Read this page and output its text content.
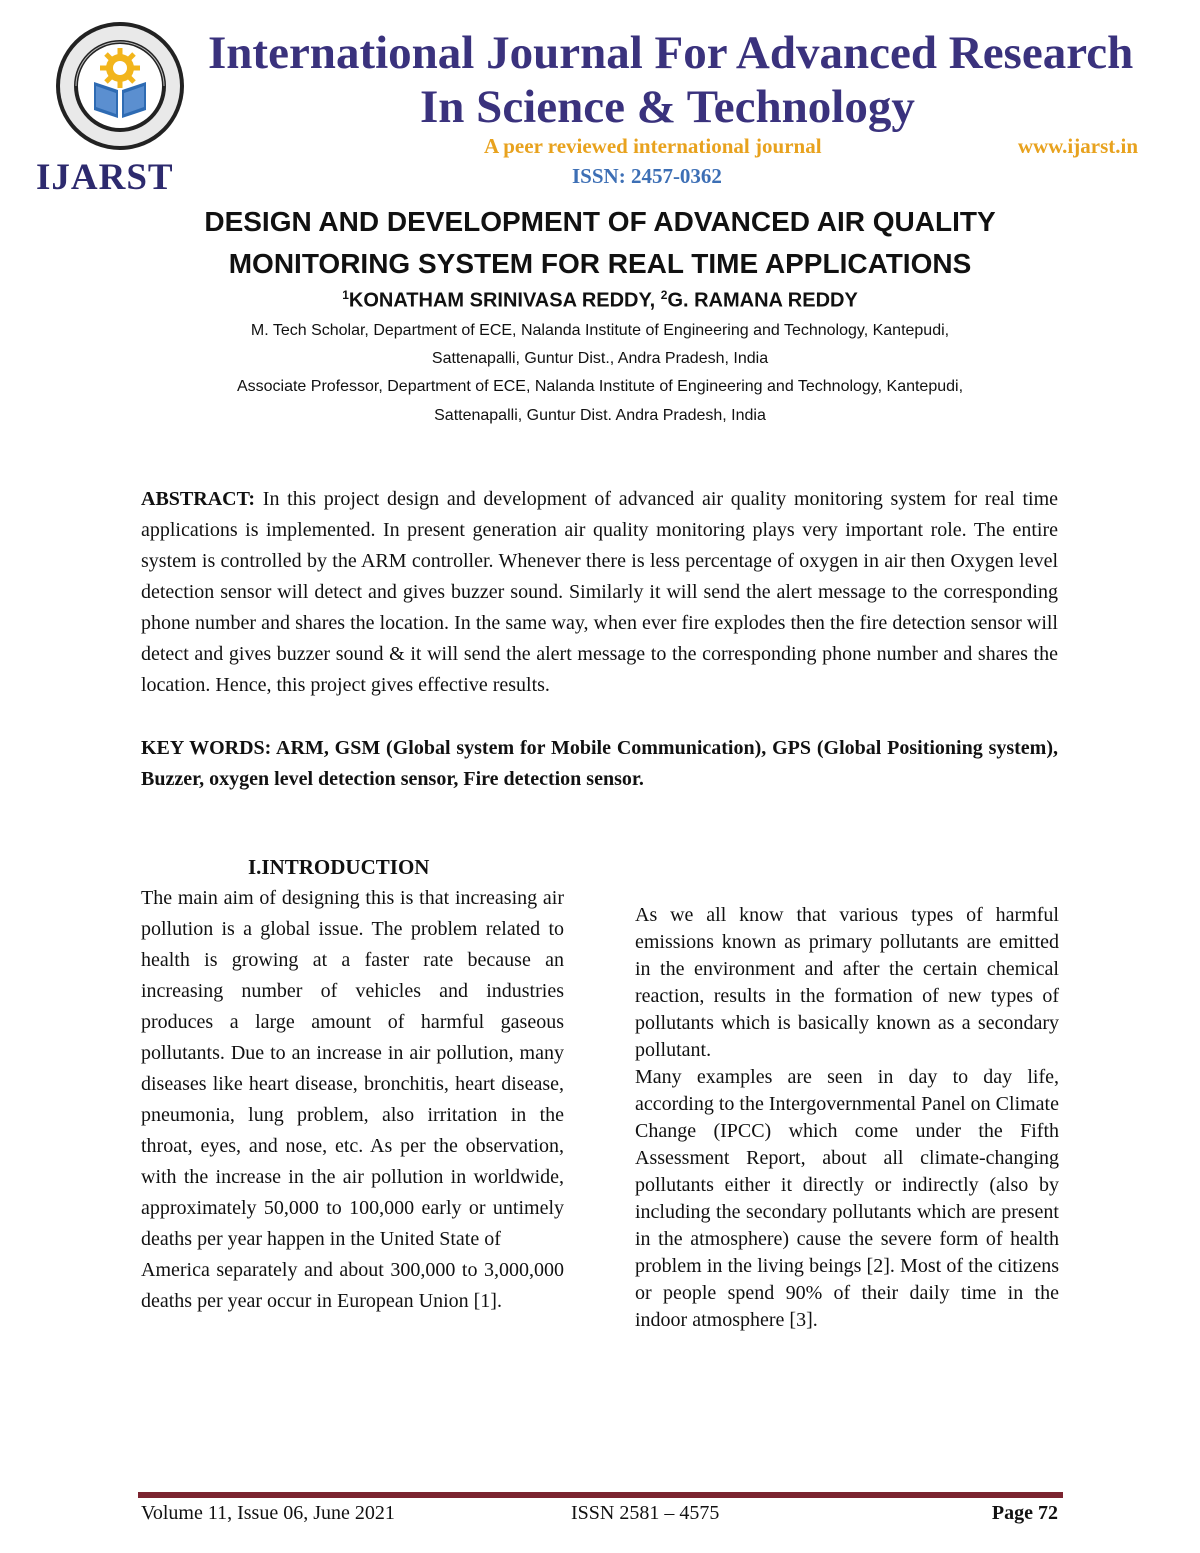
IJARST
International Journal For Advanced Research
In Science & Technology
A peer reviewed international journal	www.ijarst.in
ISSN: 2457-0362
DESIGN AND DEVELOPMENT OF ADVANCED AIR QUALITY
MONITORING SYSTEM FOR REAL TIME APPLICATIONS
$^1$KONATHAM SRINIVASA REDDY, $^2$G. RAMANA REDDY
M. Tech Scholar, Department of ECE, Nalanda Institute of Engineering and Technology, Kantepudi,
Sattenapalli, Guntur Dist., Andra Pradesh, India
Associate Professor, Department of ECE, Nalanda Institute of Engineering and Technology, Kantepudi,
Sattenapalli, Guntur Dist. Andra Pradesh, India
ABSTRACT: In this project design and development of advanced air quality monitoring system for real time applications is implemented. In present generation air quality monitoring plays very important role. The entire system is controlled by the ARM controller. Whenever there is less percentage of oxygen in air then Oxygen level detection sensor will detect and gives buzzer sound. Similarly it will send the alert message to the corresponding phone number and shares the location. In the same way, when ever fire explodes then the fire detection sensor will detect and gives buzzer sound & it will send the alert message to the corresponding phone number and shares the location. Hence, this project gives effective results.
KEY WORDS: ARM, GSM (Global system for Mobile Communication), GPS (Global Positioning system), Buzzer, oxygen level detection sensor, Fire detection sensor.
I.INTRODUCTION

The main aim of designing this is that increasing air pollution is a global issue. The problem related to health is growing at a faster rate because an increasing number of vehicles and industries produces a large amount of harmful gaseous pollutants. Due to an increase in air pollution, many diseases like heart disease, bronchitis, heart disease, pneumonia, lung problem, also irritation in the throat, eyes, and nose, etc. As per the observation, with the increase in the air pollution in worldwide, approximately 50,000 to 100,000 early or untimely deaths per year happen in the United State of

America separately and about 300,000 to 3,000,000 deaths per year occur in European Union [1].

As we all know that various types of harmful emissions known as primary pollutants are emitted in the environment and after the certain chemical reaction, results in the formation of new types of pollutants which is basically known as a secondary pollutant.

Many examples are seen in day to day life, according to the Intergovernmental Panel on Climate Change (IPCC) which come under the Fifth Assessment Report, about all climate-changing pollutants either it directly or indirectly (also by including the secondary pollutants which are present in the atmosphere) cause the severe form of health problem in the living beings [2]. Most of the citizens or people spend 90% of their daily time in the indoor atmosphere [3].

Volume 11, Issue 06, June 2021	ISSN 2581 – 4575	Page 72
